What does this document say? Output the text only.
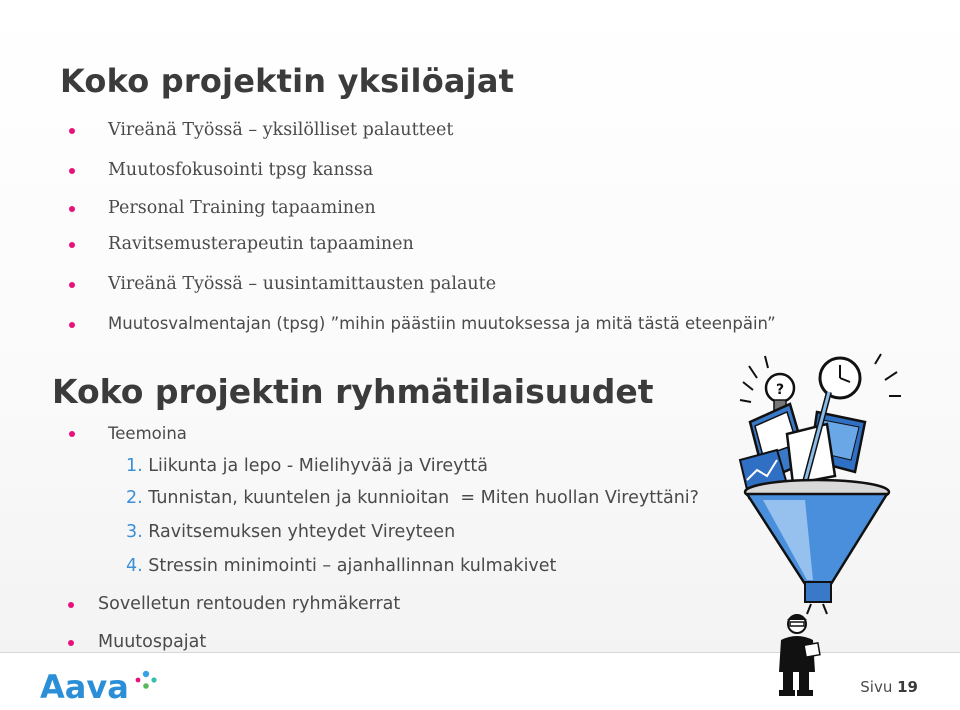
Koko projektin yksilöajat
Vireänä Työssä – yksilölliset palautteet
Muutosfokusointi tpsg kanssa
Personal Training tapaaminen
Ravitsemusterapeutin tapaaminen
Vireänä Työssä – uusintamittausten palaute
Muutosvalmentajan (tpsg) ”mihin päästiin muutoksessa ja mitä tästä eteenpäin”
Koko projektin ryhmätilaisuudet
Teemoina
1. Liikunta ja lepo - Mielihyvää ja Vireyttä
2. Tunnistan, kuuntelen ja kunnioitan  = Miten huollan Vireyttäni?
3. Ravitsemuksen yhteydet Vireyteen
4. Stressin minimointi – ajanhallinnan kulmakivet
Sovelletun rentouden ryhmäkerrat
Muutospajat
?
Aava	Sivu 19
